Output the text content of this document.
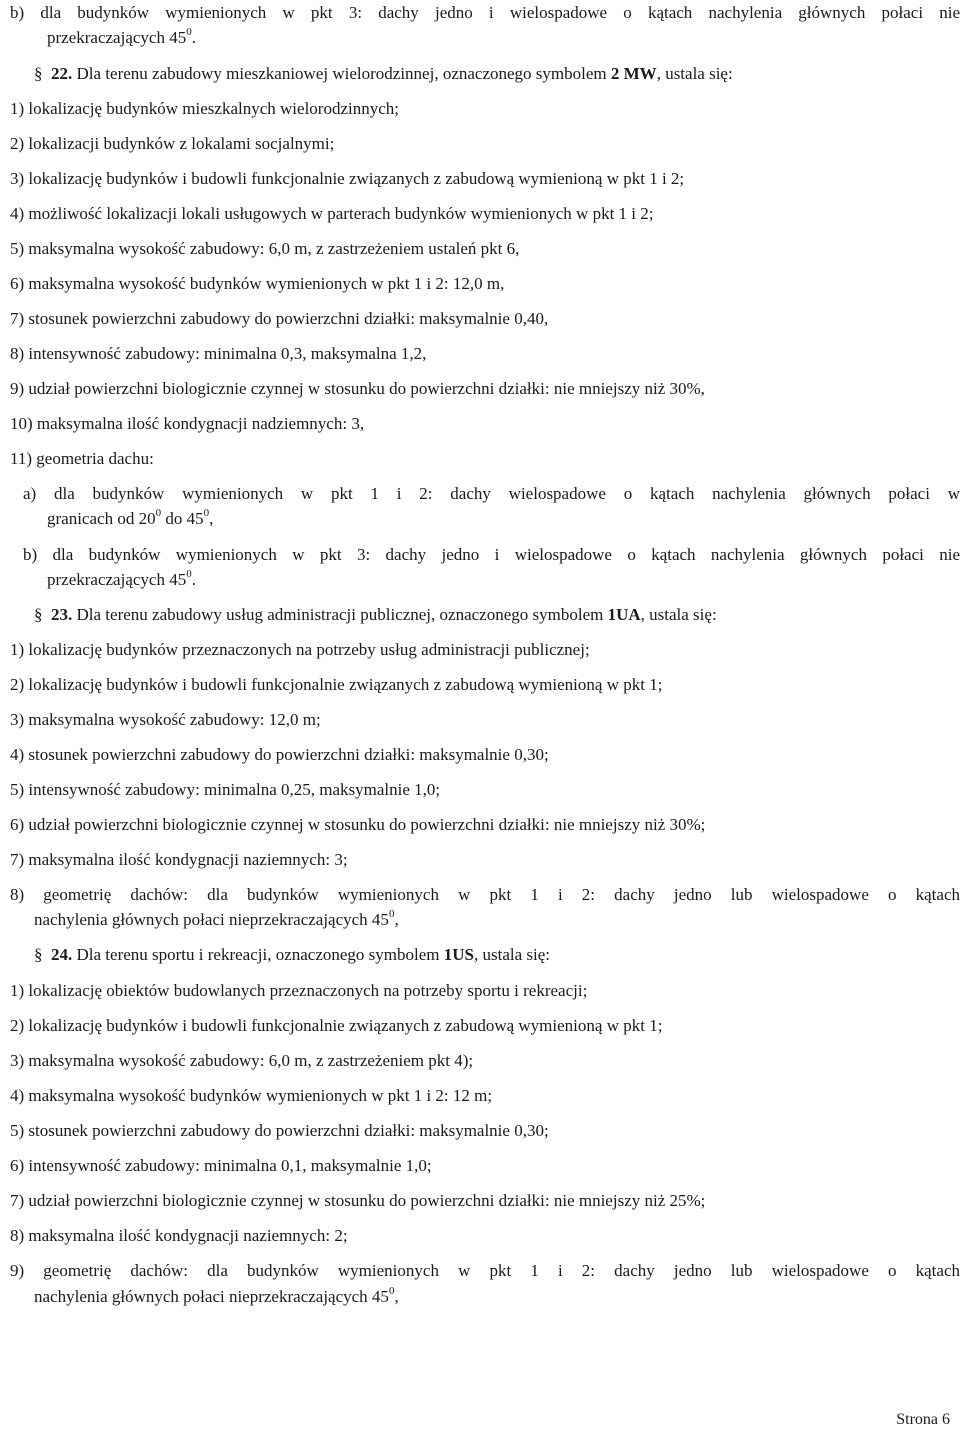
b) dla budynków wymienionych w pkt 3: dachy jedno i wielospadowe o kątach nachylenia głównych połaci nie
przekraczających $45^0$.
§ 22. Dla terenu zabudowy mieszkaniowej wielorodzinnej, oznaczonego symbolem 2 MW, ustala się:
1) lokalizację budynków mieszkalnych wielorodzinnych;
2) lokalizacji budynków z lokalami socjalnymi;
3) lokalizację budynków i budowli funkcjonalnie związanych z zabudową wymienioną w pkt 1 i 2;
4) możliwość lokalizacji lokali usługowych w parterach budynków wymienionych w pkt 1 i 2;
5) maksymalna wysokość zabudowy: 6,0 m, z zastrzeżeniem ustaleń pkt 6,
6) maksymalna wysokość budynków wymienionych w pkt 1 i 2: 12,0 m,
7) stosunek powierzchni zabudowy do powierzchni działki: maksymalnie 0,40,
8) intensywność zabudowy: minimalna 0,3, maksymalna 1,2,
9) udział powierzchni biologicznie czynnej w stosunku do powierzchni działki: nie mniejszy niż 30%,
10) maksymalna ilość kondygnacji nadziemnych: 3,
11) geometria dachu:
a) dla budynków wymienionych w pkt 1 i 2: dachy wielospadowe o kątach nachylenia głównych połaci w
granicach od $20^0$ do $45^0$,
b) dla budynków wymienionych w pkt 3: dachy jedno i wielospadowe o kątach nachylenia głównych połaci nie
przekraczających $45^0$.
§ 23. Dla terenu zabudowy usług administracji publicznej, oznaczonego symbolem 1UA, ustala się:
1) lokalizację budynków przeznaczonych na potrzeby usług administracji publicznej;
2) lokalizację budynków i budowli funkcjonalnie związanych z zabudową wymienioną w pkt 1;
3) maksymalna wysokość zabudowy: 12,0 m;
4) stosunek powierzchni zabudowy do powierzchni działki: maksymalnie 0,30;
5) intensywność zabudowy: minimalna 0,25, maksymalnie 1,0;
6) udział powierzchni biologicznie czynnej w stosunku do powierzchni działki: nie mniejszy niż 30%;
7) maksymalna ilość kondygnacji naziemnych: 3;
8) geometrię dachów: dla budynków wymienionych w pkt 1 i 2: dachy jedno lub wielospadowe o kątach
nachylenia głównych połaci nieprzekraczających $45^0$,
§ 24. Dla terenu sportu i rekreacji, oznaczonego symbolem 1US, ustala się:
1) lokalizację obiektów budowlanych przeznaczonych na potrzeby sportu i rekreacji;
2) lokalizację budynków i budowli funkcjonalnie związanych z zabudową wymienioną w pkt 1;
3) maksymalna wysokość zabudowy: 6,0 m, z zastrzeżeniem pkt 4);
4) maksymalna wysokość budynków wymienionych w pkt 1 i 2: 12 m;
5) stosunek powierzchni zabudowy do powierzchni działki: maksymalnie 0,30;
6) intensywność zabudowy: minimalna 0,1, maksymalnie 1,0;
7) udział powierzchni biologicznie czynnej w stosunku do powierzchni działki: nie mniejszy niż 25%;
8) maksymalna ilość kondygnacji naziemnych: 2;
9) geometrię dachów: dla budynków wymienionych w pkt 1 i 2: dachy jedno lub wielospadowe o kątach
nachylenia głównych połaci nieprzekraczających $45^0$,
Strona 6
